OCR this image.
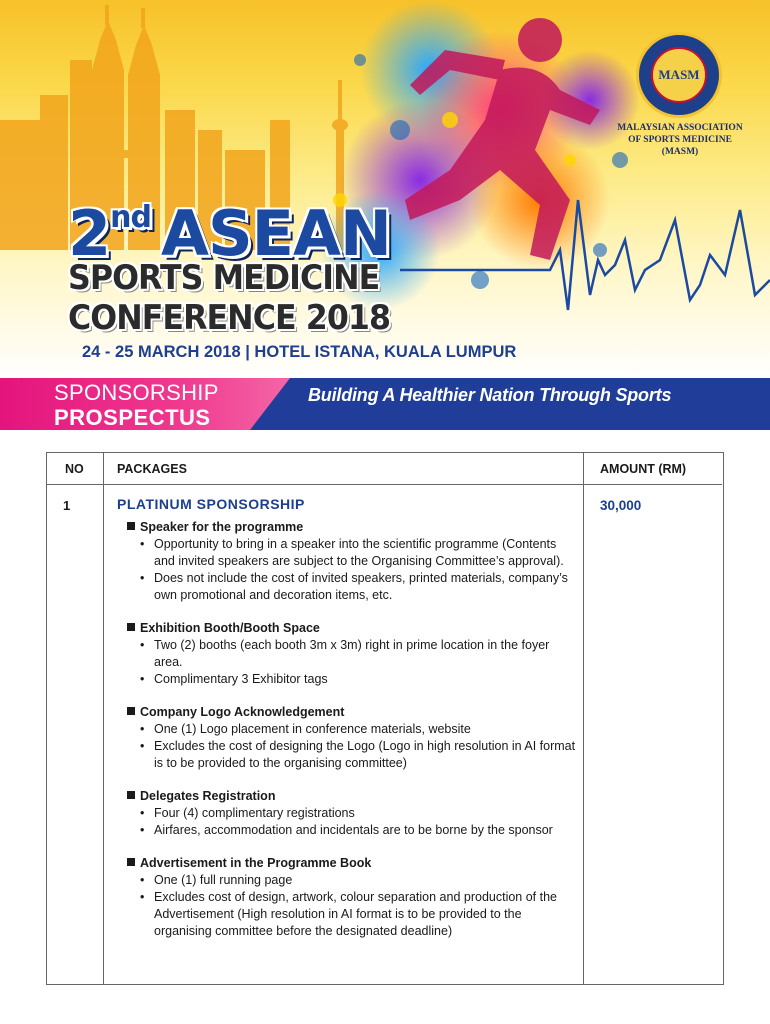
MASM
MALAYSIAN ASSOCIATION
OF SPORTS MEDICINE
(MASM)
2nd ASEAN
SPORTS MEDICINE
CONFERENCE 2018
24 - 25 MARCH 2018 | HOTEL ISTANA, KUALA LUMPUR
SPONSORSHIP
PROSPECTUS
Building A Healthier Nation Through Sports
NO	PACKAGES	AMOUNT (RM)
1	PLATINUM SPONSORSHIP	30,000
Speaker for the programme
• Opportunity to bring in a speaker into the scientific programme (Contents and invited speakers are subject to the Organising Committee’s approval).
• Does not include the cost of invited speakers, printed materials, company’s own promotional and decoration items, etc.
Exhibition Booth/Booth Space
• Two (2) booths (each booth 3m x 3m) right in prime location in the foyer area.
• Complimentary 3 Exhibitor tags
Company Logo Acknowledgement
• One (1) Logo placement in conference materials, website
• Excludes the cost of designing the Logo (Logo in high resolution in AI format is to be provided to the organising committee)
Delegates Registration
• Four (4) complimentary registrations
• Airfares, accommodation and incidentals are to be borne by the sponsor
Advertisement in the Programme Book
• One (1) full running page
• Excludes cost of design, artwork, colour separation and production of the Advertisement (High resolution in AI format is to be provided to the organising committee before the designated deadline)
